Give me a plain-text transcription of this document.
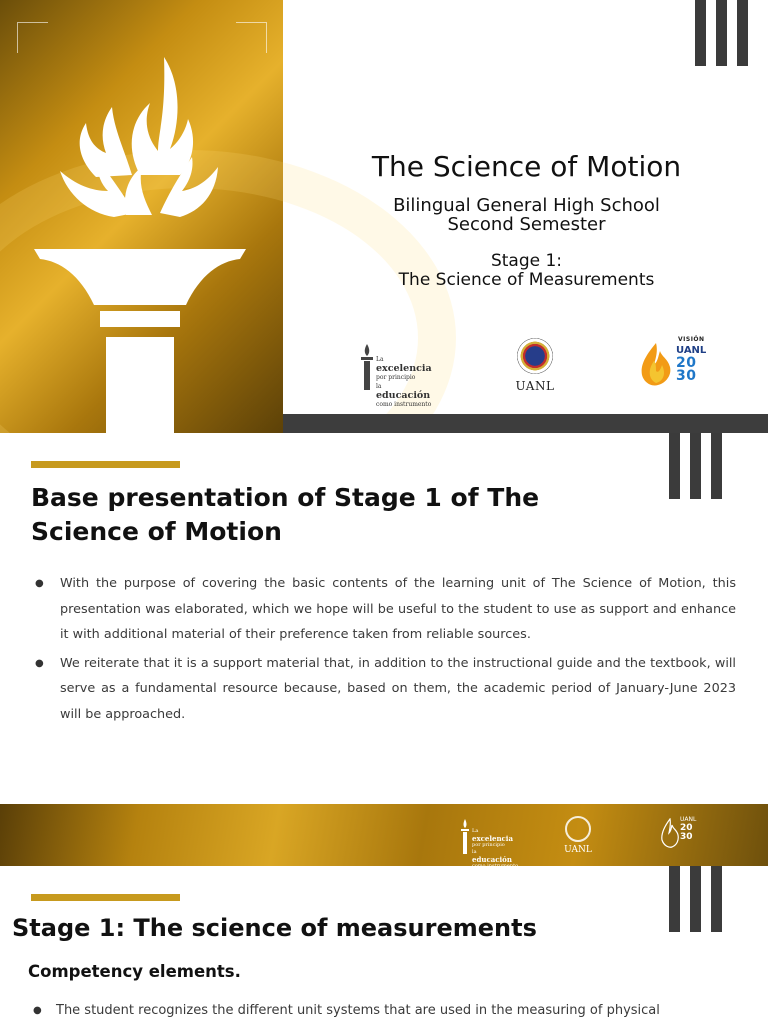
The Science of Motion
Bilingual General High School
Second Semester
Stage 1:
The Science of Measurements
La
excelencia
por principio
la
educación
como instrumento
UANL
VISIÓN
UANL
20
30
Base presentation of Stage 1 of The Science of Motion
● With the purpose of covering the basic contents of the learning unit of The Science of Motion, this presentation was elaborated, which we hope will be useful to the student to use as support and enhance it with additional material of their preference taken from reliable sources.
● We reiterate that it is a support material that, in addition to the instructional guide and the textbook, will serve as a fundamental resource because, based on them, the academic period of January-June 2023 will be approached.
La
excelencia
por principio
la
educación
como instrumento
UANL
UANL
20
30
Stage 1: The science of measurements
Competency elements.
● The student recognizes the different unit systems that are used in the measuring of physical
